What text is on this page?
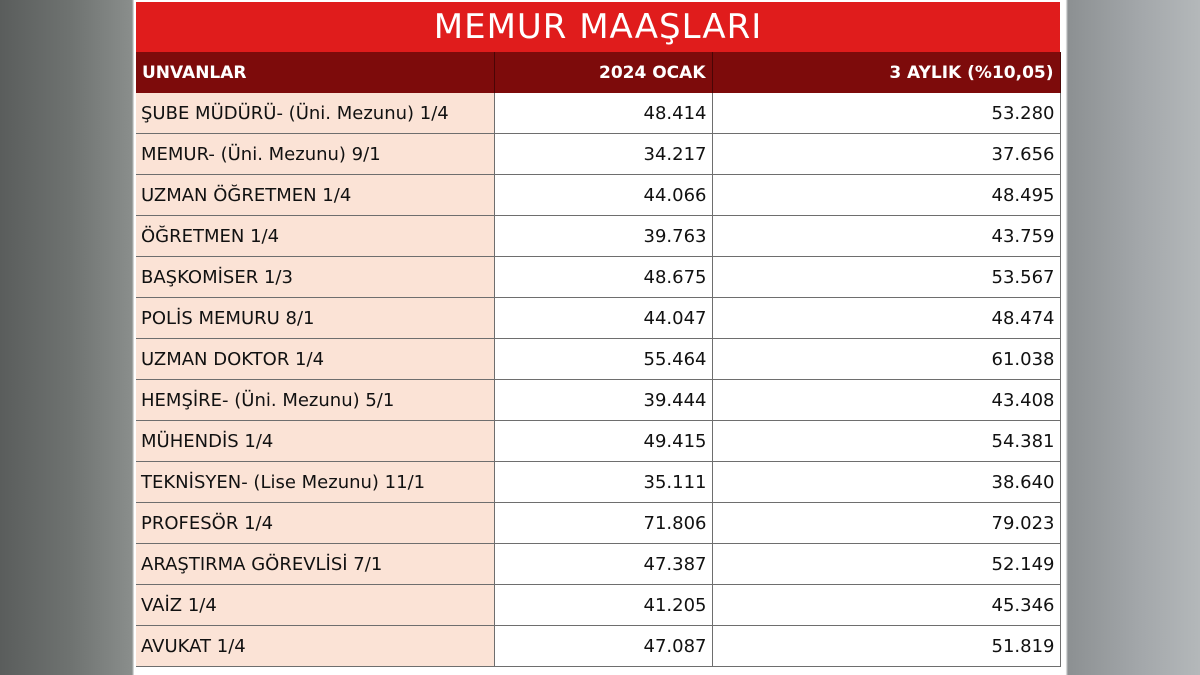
MEMUR MAAŞLARI
UNVANLAR	2024 OCAK	3 AYLIK (%10,05)
ŞUBE MÜDÜRÜ- (Üni. Mezunu) 1/4	48.414	53.280
MEMUR- (Üni. Mezunu) 9/1	34.217	37.656
UZMAN ÖĞRETMEN 1/4	44.066	48.495
ÖĞRETMEN 1/4	39.763	43.759
BAŞKOMİSER 1/3	48.675	53.567
POLİS MEMURU 8/1	44.047	48.474
UZMAN DOKTOR 1/4	55.464	61.038
HEMŞİRE- (Üni. Mezunu) 5/1	39.444	43.408
MÜHENDİS 1/4	49.415	54.381
TEKNİSYEN- (Lise Mezunu) 11/1	35.111	38.640
PROFESÖR 1/4	71.806	79.023
ARAŞTIRMA GÖREVLİSİ 7/1	47.387	52.149
VAİZ 1/4	41.205	45.346
AVUKAT 1/4	47.087	51.819
